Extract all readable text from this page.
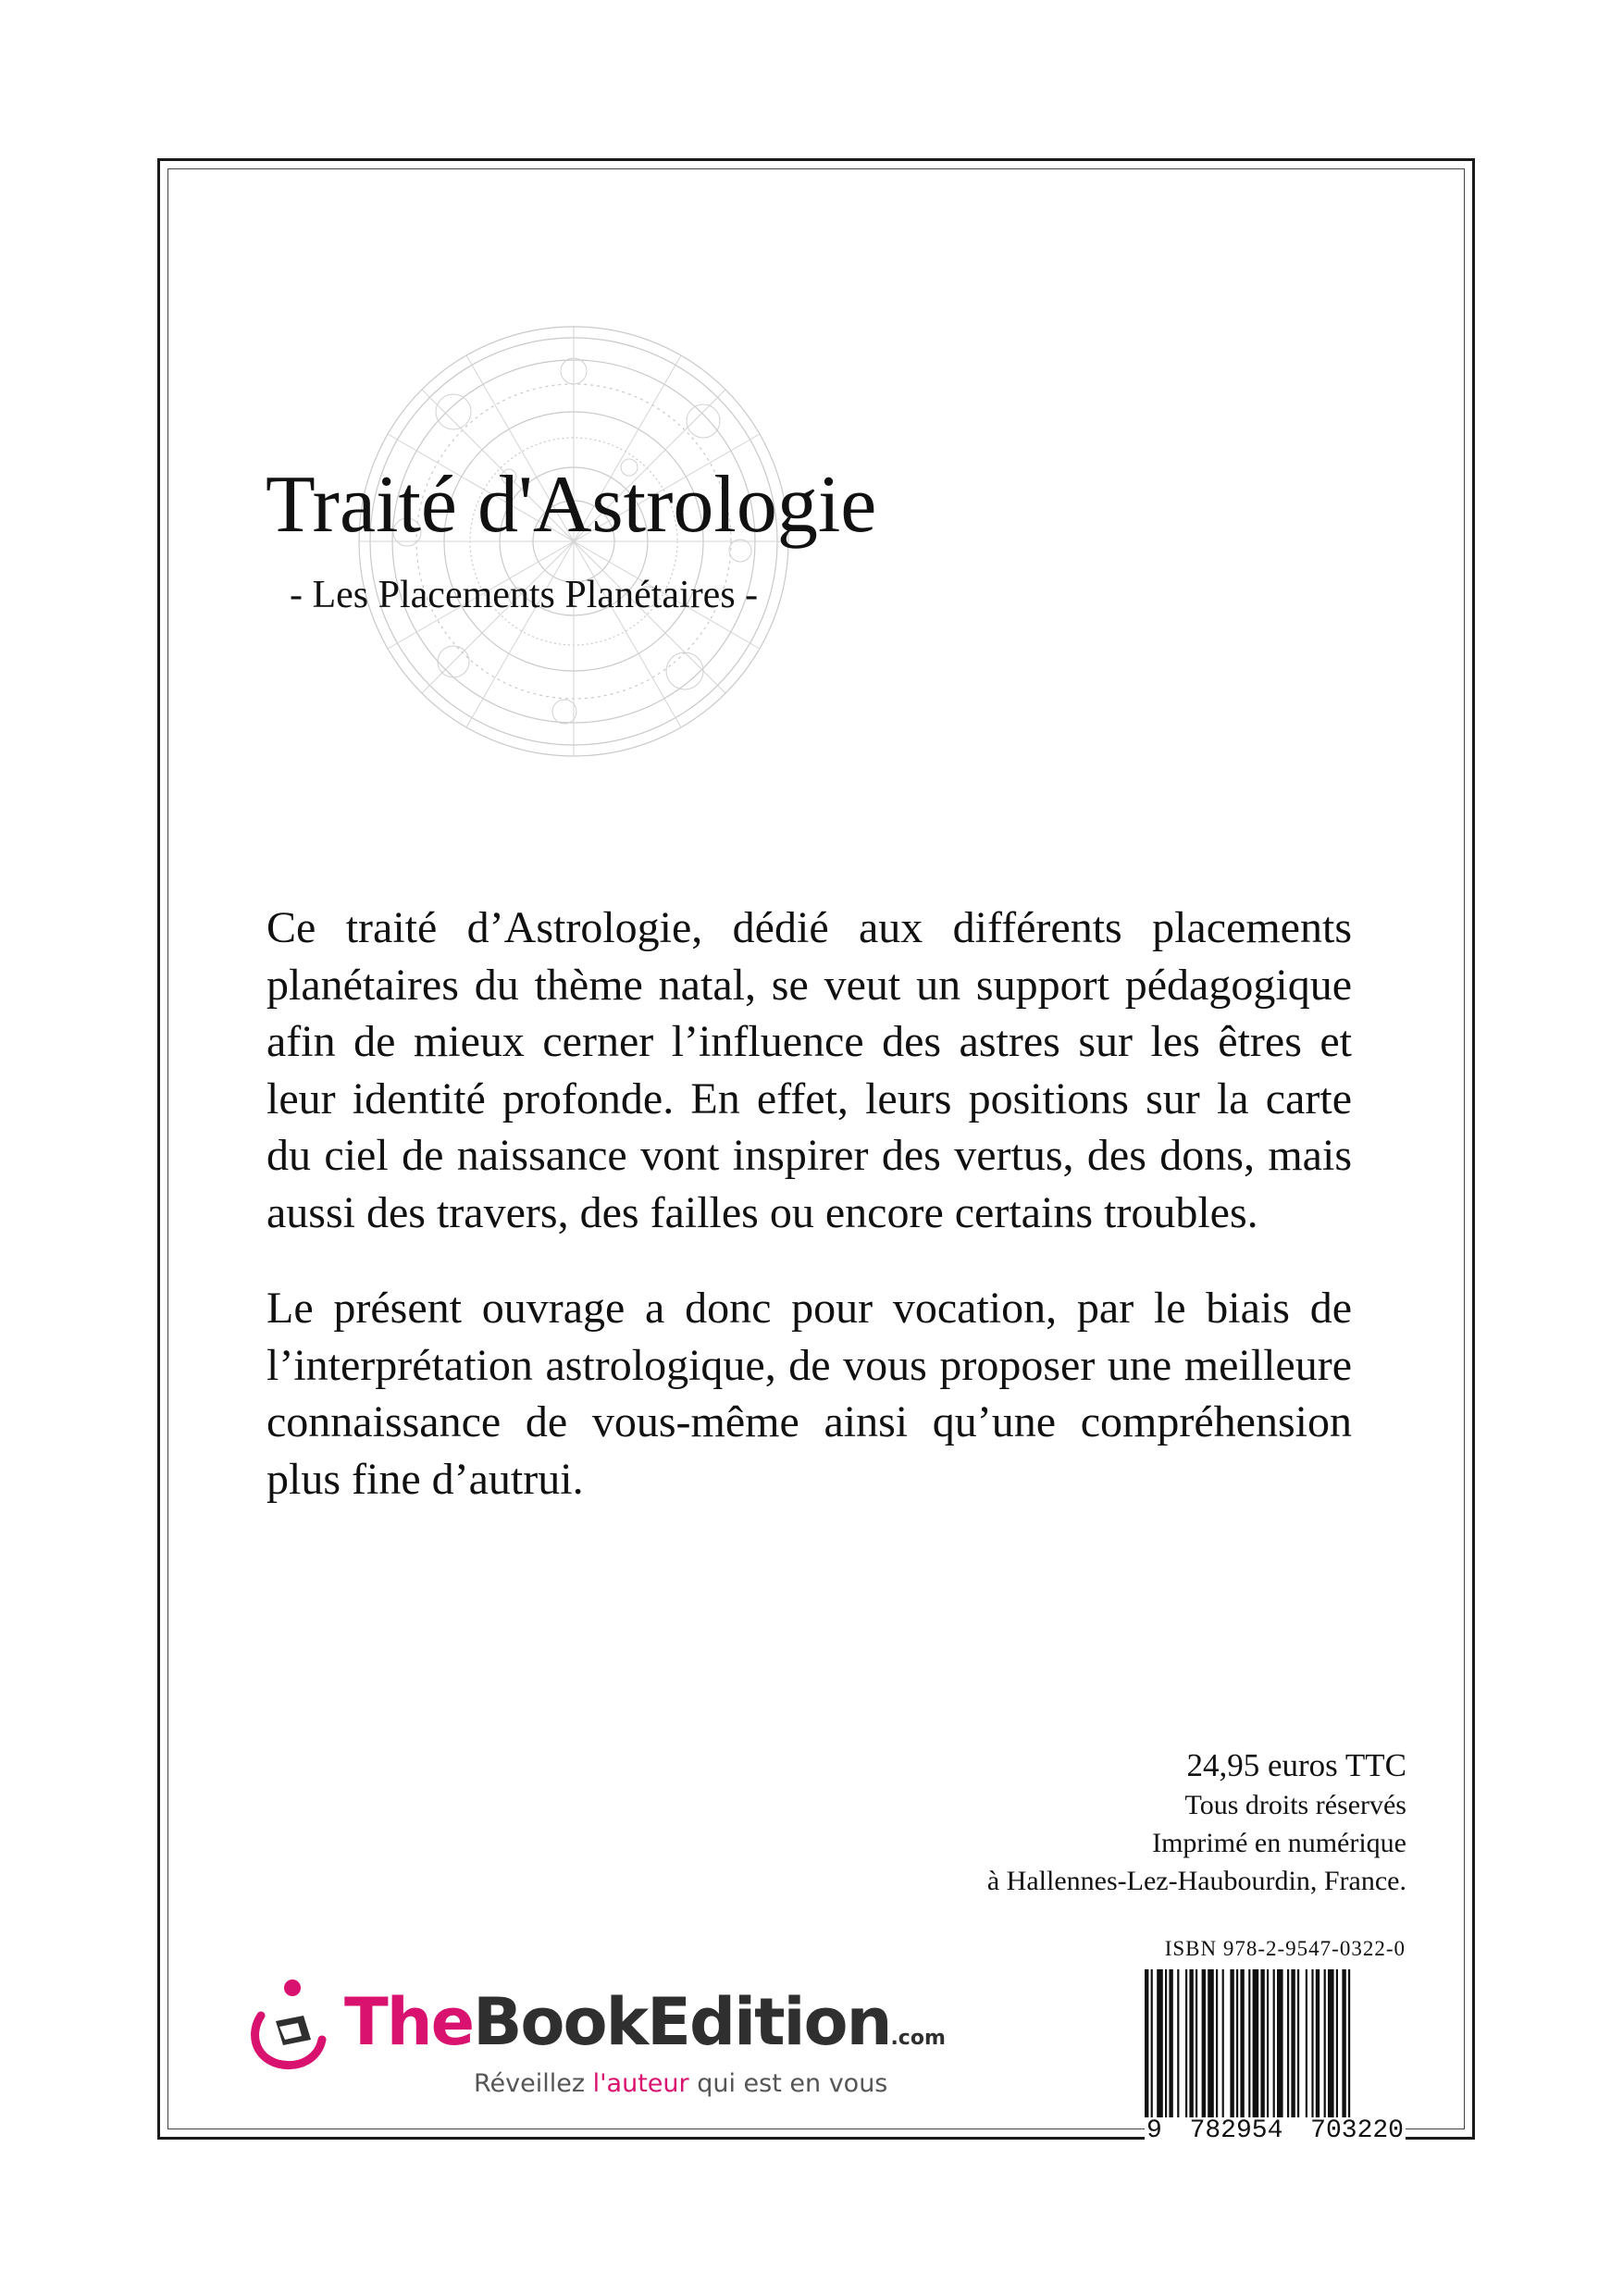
Traité d'Astrologie
- Les Placements Planétaires -

Ce traité d’Astrologie, dédié aux différents placements planétaires du thème natal, se veut un support pédagogique afin de mieux cerner l’influence des astres sur les êtres et leur identité profonde. En effet, leurs positions sur la carte du ciel de naissance vont inspirer des vertus, des dons, mais aussi des travers, des failles ou encore certains troubles.

Le présent ouvrage a donc pour vocation, par le biais de l’interprétation astrologique, de vous proposer une meilleure connaissance de vous-même ainsi qu’une compréhension plus fine d’autrui.

24,95 euros TTC
Tous droits réservés
Imprimé en numérique
à Hallennes-Lez-Haubourdin, France.
ISBN 978-2-9547-0322-0
9 782954 703220
TheBookEdition.com
Réveillez l'auteur qui est en vous
